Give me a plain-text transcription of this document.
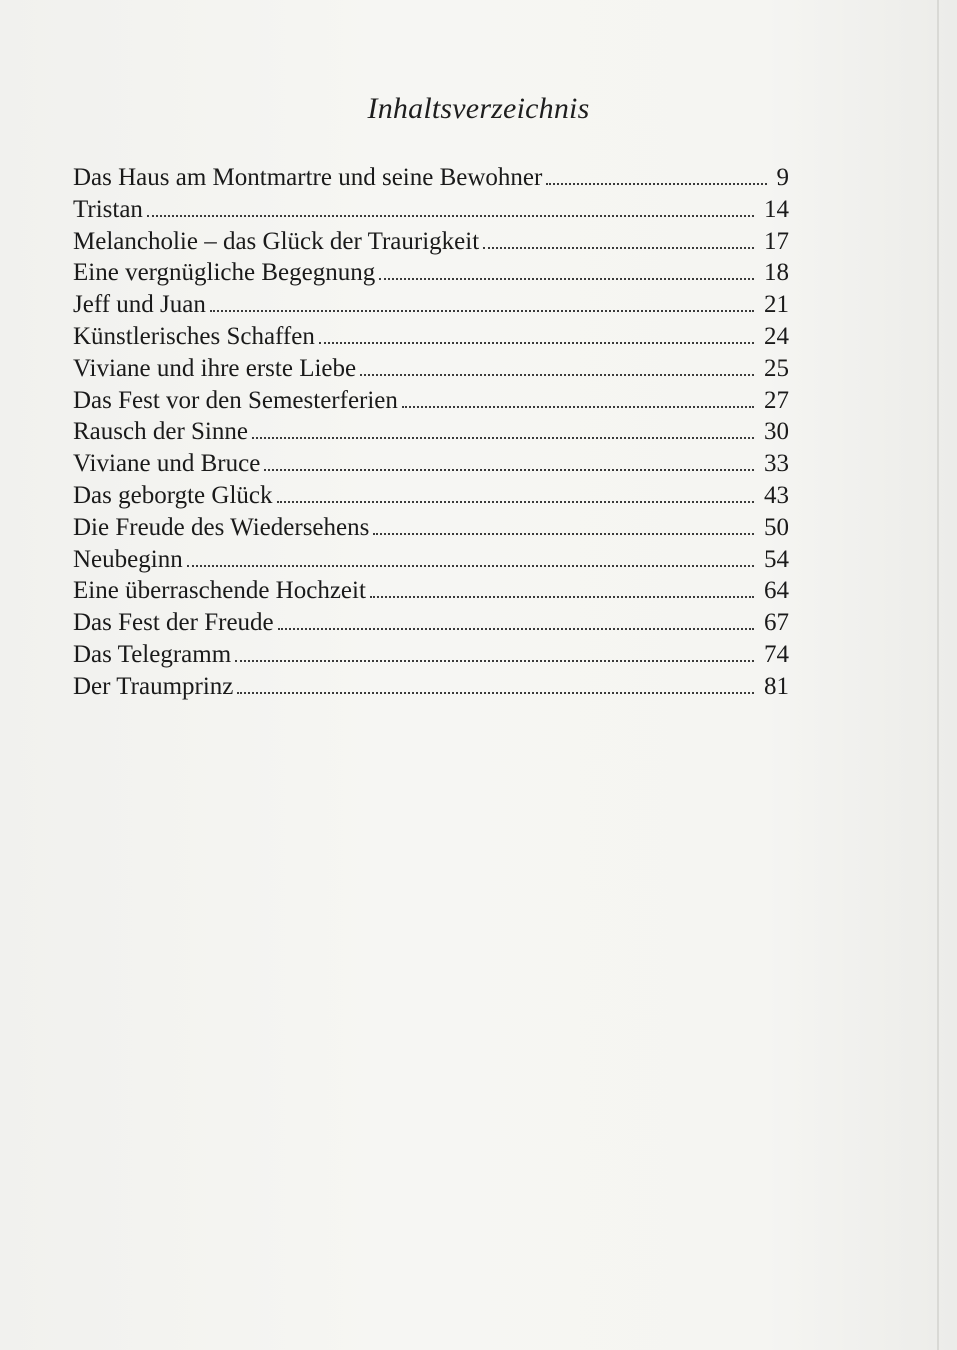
Inhaltsverzeichnis
Das Haus am Montmartre und seine Bewohner	9
Tristan	14
Melancholie – das Glück der Traurigkeit	17
Eine vergnügliche Begegnung	18
Jeff und Juan	21
Künstlerisches Schaffen	24
Viviane und ihre erste Liebe	25
Das Fest vor den Semesterferien	27
Rausch der Sinne	30
Viviane und Bruce	33
Das geborgte Glück	43
Die Freude des Wiedersehens	50
Neubeginn	54
Eine überraschende Hochzeit	64
Das Fest der Freude	67
Das Telegramm	74
Der Traumprinz	81
